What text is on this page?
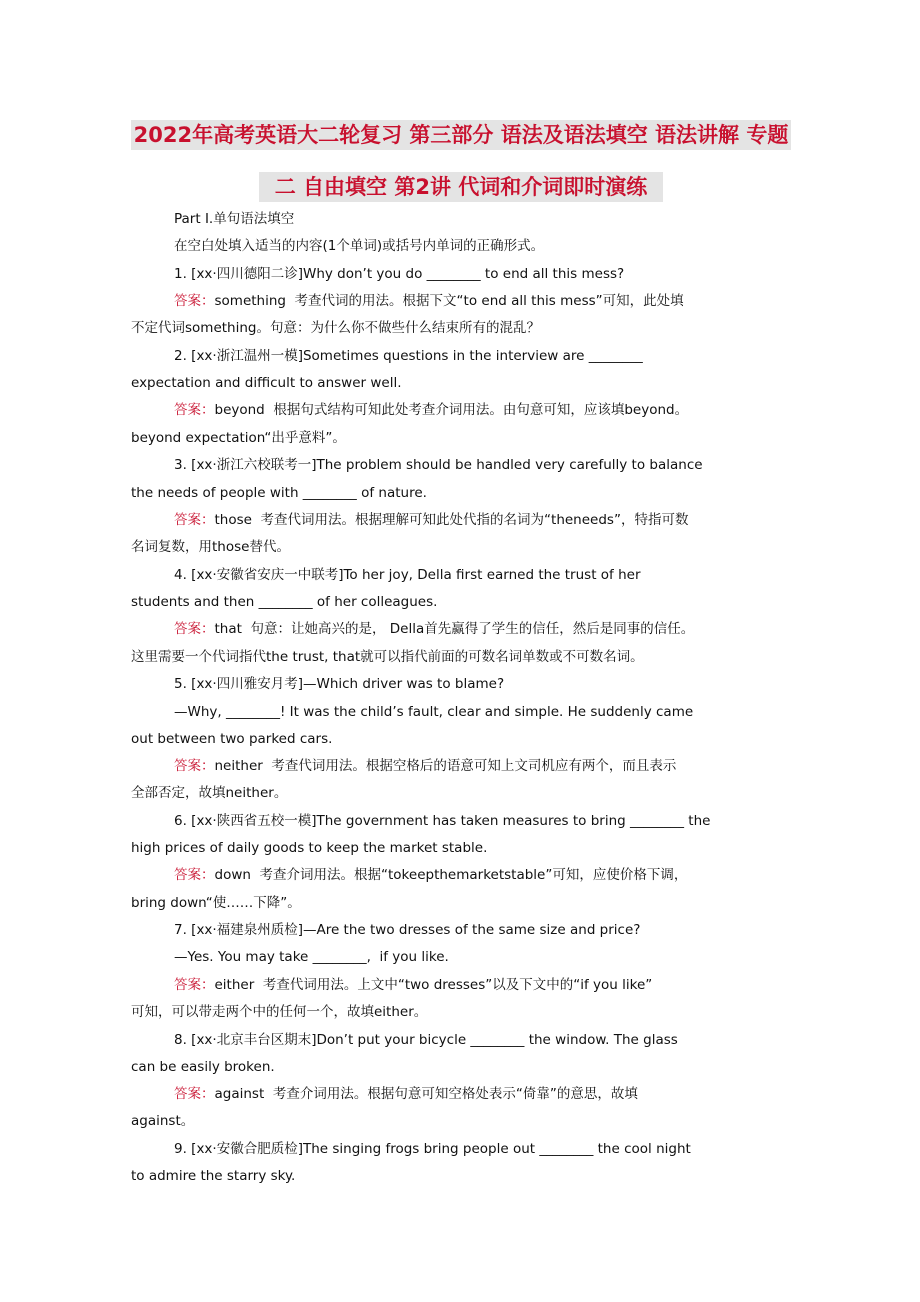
2022年高考英语大二轮复习 第三部分 语法及语法填空 语法讲解 专题
二 自由填空 第2讲 代词和介词即时演练
Part Ⅰ.单句语法填空
在空白处填入适当的内容(1个单词)或括号内单词的正确形式。
1. [xx·四川德阳二诊]Why don’t you do ________ to end all this mess?
答案：something  考查代词的用法。根据下文“to end all this mess”可知，此处填
不定代词something。句意：为什么你不做些什么结束所有的混乱？
2. [xx·浙江温州一模]Sometimes questions in the interview are ________
expectation and difficult to answer well.
答案：beyond  根据句式结构可知此处考查介词用法。由句意可知，应该填beyond。
beyond expectation“出乎意料”。
3. [xx·浙江六校联考一]The problem should be handled very carefully to balance
the needs of people with ________ of nature.
答案：those  考查代词用法。根据理解可知此处代指的名词为“theneeds”，特指可数
名词复数，用those替代。
4. [xx·安徽省安庆一中联考]To her joy, Della first earned the trust of her
students and then ________ of her colleagues.
答案：that  句意：让她高兴的是， Della首先赢得了学生的信任，然后是同事的信任。
这里需要一个代词指代the trust, that就可以指代前面的可数名词单数或不可数名词。
5. [xx·四川雅安月考]—Which driver was to blame?
—Why, ________! It was the child’s fault, clear and simple. He suddenly came
out between two parked cars.
答案：neither  考查代词用法。根据空格后的语意可知上文司机应有两个，而且表示
全部否定，故填neither。
6. [xx·陕西省五校一模]The government has taken measures to bring ________ the
high prices of daily goods to keep the market stable.
答案：down  考查介词用法。根据“tokeepthemarketstable”可知，应使价格下调，
bring down“使……下降”。
7. [xx·福建泉州质检]—Are the two dresses of the same size and price?
—Yes. You may take ________,  if you like.
答案：either  考查代词用法。上文中“two dresses”以及下文中的“if you like”
可知，可以带走两个中的任何一个，故填either。
8. [xx·北京丰台区期末]Don’t put your bicycle ________ the window. The glass
can be easily broken.
答案：against  考查介词用法。根据句意可知空格处表示“倚靠”的意思，故填
against。
9. [xx·安徽合肥质检]The singing frogs bring people out ________ the cool night
to admire the starry sky.
